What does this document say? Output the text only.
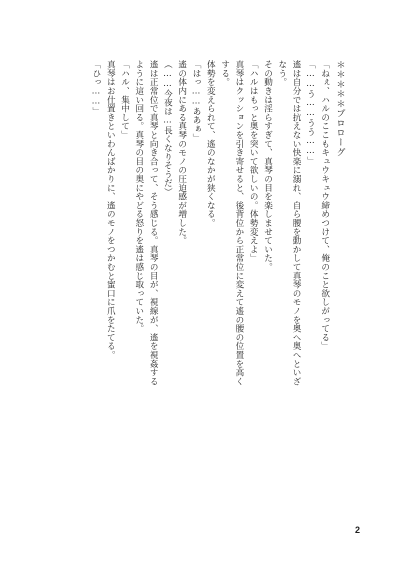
＊＊＊＊＊プロローグ

「ねぇ、ハルのここもキュウキュウ締めつけて、俺のこと欲しがってる」

「……う……うう……」

遙は自分では抗えない快楽に溺れ、自ら腰を動かして真琴のモノを奥へ奥へといざなう。

その動きは淫らすぎて、真琴の目を楽しませていた。

「ハルはもっと奥を突いて欲しいの。体勢変えよ」

真琴はクッションを引き寄せると、後背位から正常位に変えて遙の腰の位置を高くする。

体勢を変えられて、遙のなかが狭くなる。

「はっ……ああぁ」

遙の体内にある真琴のモノの圧迫感が増した。

（……今夜は…長くなりそうだ）

遙は正常位で真琴と向き合って、そう感じる。真琴の目が、視線が、遙を視姦するように這い回る。真琴の目の奥にやどる怒りを遙は感じ取っていた。

「ハル、集中して」

真琴はお仕置きといわんばかりに、遙のモノをつかむと蜜口に爪をたてる。

「ひっ……」

2
